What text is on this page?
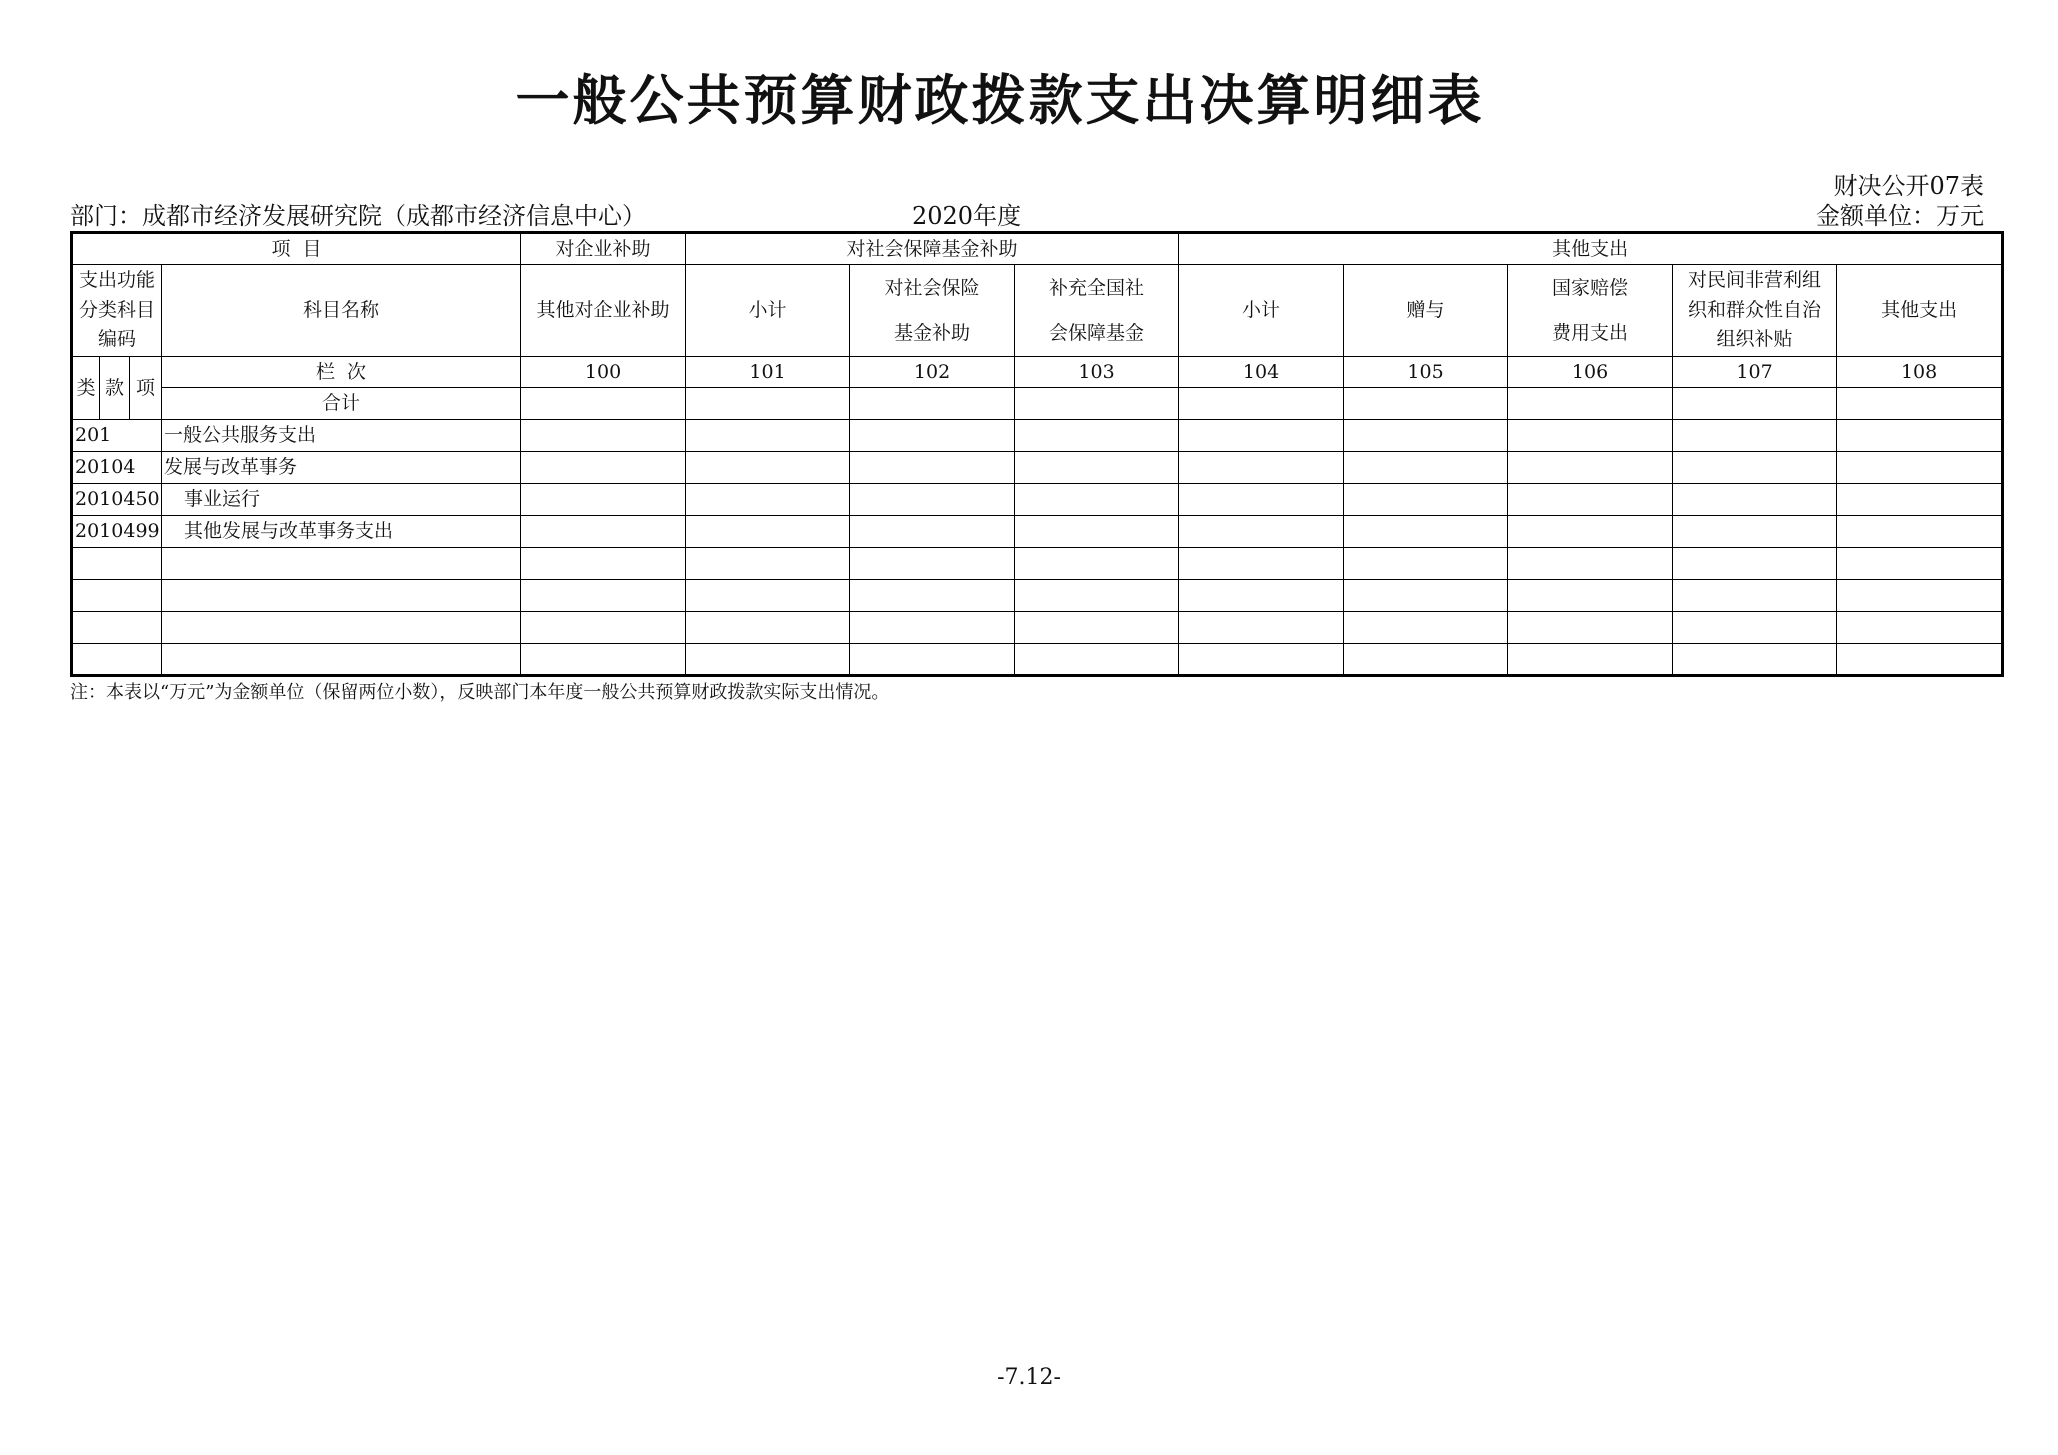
一般公共预算财政拨款支出决算明细表
财决公开07表
部门：成都市经济发展研究院（成都市经济信息中心）	2020年度	金额单位：万元
项  目				对企业补助	对社会保障基金补助			其他支出				
支出功能分类科目编码			科目名称	其他对企业补助	小计	对社会保险基金补助	补充全国社会保障基金	小计	赠与	国家赔偿费用支出	对民间非营利组织和群众性自治组织补贴	其他支出
类	款	项	栏  次	100	101	102	103	104	105	106	107	108
			合计									
201			一般公共服务支出									
20104			发展与改革事务									
2010450			事业运行									
2010499			其他发展与改革事务支出									

注：本表以“万元”为金额单位（保留两位小数），反映部门本年度一般公共预算财政拨款实际支出情况。
-7.12-
